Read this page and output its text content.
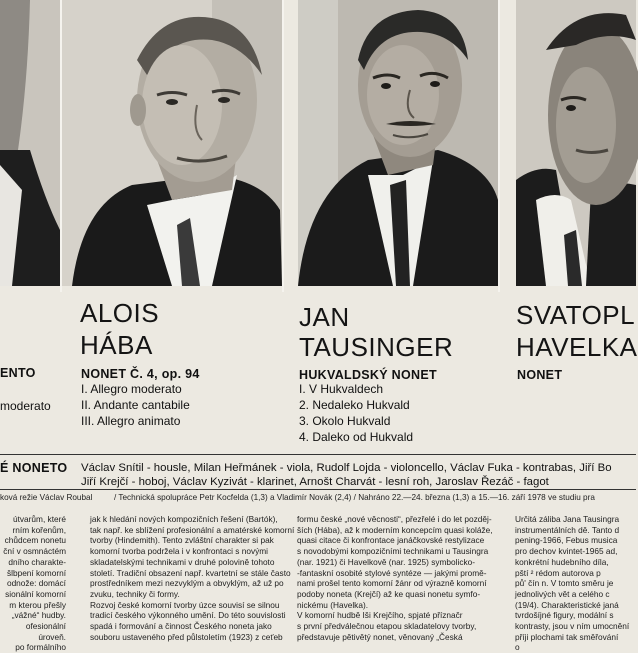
ALOIS
HÁBA
JAN
TAUSINGER
SVATOPL
HAVELKA
ENTO
moderato
NONET Č. 4, op. 94
I. Allegro moderato
II. Andante cantabile
III. Allegro animato
HUKVALDSKÝ NONET
I. V Hukvaldech
2. Nedaleko Hukvald
3. Okolo Hukvald
4. Daleko od Hukvald
NONET
É NONETO Václav Snítil - housle, Milan Heřmánek - viola, Rudolf Lojda - violoncello, Václav Fuka - kontrabas, Jiří Bo
Jiří Krejčí - hoboj, Václav Kyzivát - klarinet, Arnošt Charvát - lesní roh, Jaroslav Řezáč - fagot
ková režie Václav Roubal	/ Technická spolupráce Petr Kocfelda (1,3) a Vladimír Novák (2,4) / Nahráno 22.—24. března (1,3) a 15.—16. září 1978 ve studiu pra
útvarům, které
rním kořenům,
chůdcem nonetu
ční v osmnáctém
dního charakte-
šlbpení komorní
odnože: domácí
sionální komorní
m kterou přešly
„vážné“ hudby.
ofesionální
úroveň.
po formálního
jak k hledání nových kompozičních řešení (Bartók),
tak např. ke sblížení profesionální a amatérské komorní
tvorby (Hindemith). Tento zvláštní charakter si pak
komorní tvorba podržela i v konfrontaci s novými
skladatelskými technikami v druhé polovině tohoto
století. Tradiční obsazení např. kvartetní se stále často
prostředníkem mezi nezvyklým a obvyklým, až už po
zvuku, techniky či formy.
Rozvoj české komorní tvorby úzce souvisí se silnou
tradicí českého výkonného umění. Do této souvislosti
spadá i formování a činnost Českého noneta jako
souboru ustaveného před půlstoletím (1923) z ceťeb
formu české „nové věcnosti“, přezřelé i do let pozděj-
ších (Hába), až k moderním koncepcím quasi koláže,
quasi citace či konfrontace janáčkovské restylizace
s novodobými kompozičními technikami u Tausingra
(nar. 1921) či Havelkově (nar. 1925) symbolicko-
-fantaskní osobité stylové syntéze — jakými promě-
nami prošel tento komorní žánr od výrazně komorní
podoby noneta (Krejčí) až ke quasi nonetu symfo-
nickému (Havelka).
V komorní hudbě Iši Krejčího, spjaté příznačr
s první předválečnou etapou skladatelovy tvorby,
představuje pětivětý nonet, věnovaný „Česká
Určitá záliba Jana Tausingra
instrumentálních dě. Tanto d
pening-1966, Febus musica
pro dechov kvintet-1965 ad,
konkrétní hudebního díla,
pští ² rédom autorova p
pů' čín n. V tomto směru je
jednolivých vět a celého c
(19/4). Charakteristické janá
tvrdošíjné figury, modální s
kontrasty, jsou v ním umocnění
příji plochami tak směřování
o
